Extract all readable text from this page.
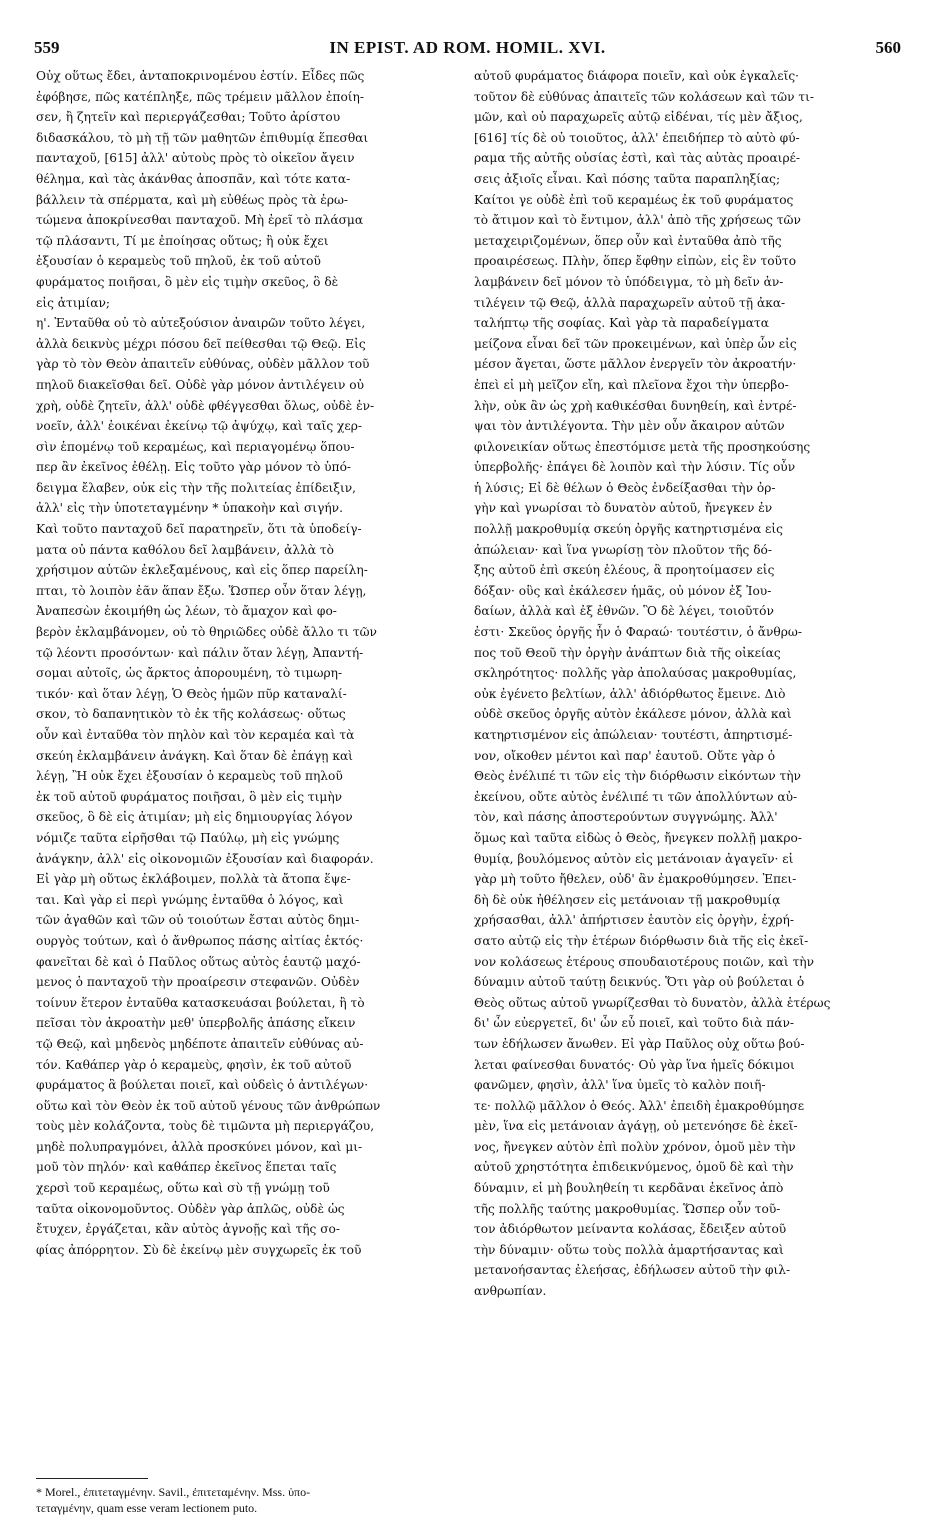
559	IN EPIST. AD ROM. HOMIL. XVI.	560
Οὐχ οὕτως ἔδει, ἀνταποκρινομένου ἐστίν. Εἶδες πῶς
ἐφόβησε, πῶς κατέπληξε, πῶς τρέμειν μᾶλλον ἐποίη-
σεν, ἢ ζητεῖν καὶ περιεργάζεσθαι; Τοῦτο ἀρίστου
διδασκάλου, τὸ μὴ τῇ τῶν μαθητῶν ἐπιθυμίᾳ ἕπεσθαι
πανταχοῦ, [615] ἀλλ' αὐτοὺς πρὸς τὸ οἰκεῖον ἄγειν
θέλημα, καὶ τὰς ἀκάνθας ἀποσπᾶν, καὶ τότε κατα-
βάλλειν τὰ σπέρματα, καὶ μὴ εὐθέως πρὸς τὰ ἐρω-
τώμενα ἀποκρίνεσθαι πανταχοῦ. Μὴ ἐρεῖ τὸ πλάσμα
τῷ πλάσαντι, Τί με ἐποίησας οὕτως; ἢ οὐκ ἔχει
ἐξουσίαν ὁ κεραμεὺς τοῦ πηλοῦ, ἐκ τοῦ αὐτοῦ
φυράματος ποιῆσαι, ὃ μὲν εἰς τιμὴν σκεῦος, ὃ δὲ
εἰς ἀτιμίαν;
η'. Ἐνταῦθα οὐ τὸ αὐτεξούσιον ἀναιρῶν τοῦτο λέγει,
ἀλλὰ δεικνὺς μέχρι πόσου δεῖ πείθεσθαι τῷ Θεῷ. Εἰς
γὰρ τὸ τὸν Θεὸν ἀπαιτεῖν εὐθύνας, οὐδὲν μᾶλλον τοῦ
πηλοῦ διακεῖσθαι δεῖ. Οὐδὲ γὰρ μόνον ἀντιλέγειν οὐ
χρὴ, οὐδὲ ζητεῖν, ἀλλ' οὐδὲ φθέγγεσθαι ὅλως, οὐδὲ ἐν-
νοεῖν, ἀλλ' ἐοικέναι ἐκείνῳ τῷ ἀψύχῳ, καὶ ταῖς χερ-
σὶν ἑπομένῳ τοῦ κεραμέως, καὶ περιαγομένῳ ὅπου-
περ ἂν ἐκεῖνος ἐθέλῃ. Εἰς τοῦτο γὰρ μόνον τὸ ὑπό-
δειγμα ἔλαβεν, οὐκ εἰς τὴν τῆς πολιτείας ἐπίδειξιν,
ἀλλ' εἰς τὴν ὑποτεταγμένην * ὑπακοὴν καὶ σιγήν.
Καὶ τοῦτο πανταχοῦ δεῖ παρατηρεῖν, ὅτι τὰ ὑποδείγ-
ματα οὐ πάντα καθόλου δεῖ λαμβάνειν, ἀλλὰ τὸ
χρήσιμον αὐτῶν ἐκλεξαμένους, καὶ εἰς ὅπερ παρείλη-
πται, τὸ λοιπὸν ἐᾶν ἅπαν ἔξω. Ὥσπερ οὖν ὅταν λέγῃ,
Ἀναπεσὼν ἐκοιμήθη ὡς λέων, τὸ ἄμαχον καὶ φο-
βερὸν ἐκλαμβάνομεν, οὐ τὸ θηριῶδες οὐδὲ ἄλλο τι τῶν
τῷ λέοντι προσόντων· καὶ πάλιν ὅταν λέγῃ, Ἀπαντή-
σομαι αὐτοῖς, ὡς ἄρκτος ἀπορουμένη, τὸ τιμωρη-
τικόν· καὶ ὅταν λέγῃ, Ὁ Θεὸς ἡμῶν πῦρ καταναλί-
σκον, τὸ δαπανητικὸν τὸ ἐκ τῆς κολάσεως· οὕτως
οὖν καὶ ἐνταῦθα τὸν πηλὸν καὶ τὸν κεραμέα καὶ τὰ
σκεύη ἐκλαμβάνειν ἀνάγκη. Καὶ ὅταν δὲ ἐπάγῃ καὶ
λέγῃ, Ἢ οὐκ ἔχει ἐξουσίαν ὁ κεραμεὺς τοῦ πηλοῦ
ἐκ τοῦ αὐτοῦ φυράματος ποιῆσαι, ὃ μὲν εἰς τιμὴν
σκεῦος, ὃ δὲ εἰς ἀτιμίαν; μὴ εἰς δημιουργίας λόγον
νόμιζε ταῦτα εἰρῆσθαι τῷ Παύλῳ, μὴ εἰς γνώμης
ἀνάγκην, ἀλλ' εἰς οἰκονομιῶν ἐξουσίαν καὶ διαφοράν.
Εἰ γὰρ μὴ οὕτως ἐκλάβοιμεν, πολλὰ τὰ ἄτοπα ἕψε-
ται. Καὶ γὰρ εἰ περὶ γνώμης ἐνταῦθα ὁ λόγος, καὶ
τῶν ἀγαθῶν καὶ τῶν οὐ τοιούτων ἔσται αὐτὸς δημι-
ουργὸς τούτων, καὶ ὁ ἄνθρωπος πάσης αἰτίας ἐκτός·
φανεῖται δὲ καὶ ὁ Παῦλος οὕτως αὐτὸς ἑαυτῷ μαχό-
μενος ὁ πανταχοῦ τὴν προαίρεσιν στεφανῶν. Οὐδὲν
τοίνυν ἕτερον ἐνταῦθα κατασκευάσαι βούλεται, ἢ τὸ
πεῖσαι τὸν ἀκροατὴν μεθ' ὑπερβολῆς ἁπάσης εἴκειν
τῷ Θεῷ, καὶ μηδενὸς μηδέποτε ἀπαιτεῖν εὐθύνας αὐ-
τόν. Καθάπερ γὰρ ὁ κεραμεὺς, φησὶν, ἐκ τοῦ αὐτοῦ
φυράματος ἃ βούλεται ποιεῖ, καὶ οὐδεὶς ὁ ἀντιλέγων·
οὕτω καὶ τὸν Θεὸν ἐκ τοῦ αὐτοῦ γένους τῶν ἀνθρώπων
τοὺς μὲν κολάζοντα, τοὺς δὲ τιμῶντα μὴ περιεργάζου,
μηδὲ πολυπραγμόνει, ἀλλὰ προσκύνει μόνον, καὶ μι-
μοῦ τὸν πηλόν· καὶ καθάπερ ἐκεῖνος ἕπεται ταῖς
χερσὶ τοῦ κεραμέως, οὕτω καὶ σὺ τῇ γνώμῃ τοῦ
ταῦτα οἰκονομοῦντος. Οὐδὲν γὰρ ἁπλῶς, οὐδὲ ὡς
ἔτυχεν, ἐργάζεται, κἂν αὐτὸς ἀγνοῇς καὶ τῆς σο-
φίας ἀπόρρητον. Σὺ δὲ ἐκείνῳ μὲν συγχωρεῖς ἐκ τοῦ
αὐτοῦ φυράματος διάφορα ποιεῖν, καὶ οὐκ ἐγκαλεῖς·
τοῦτον δὲ εὐθύνας ἀπαιτεῖς τῶν κολάσεων καὶ τῶν τι-
μῶν, καὶ οὐ παραχωρεῖς αὐτῷ εἰδέναι, τίς μὲν ἄξιος,
[616] τίς δὲ οὐ τοιοῦτος, ἀλλ' ἐπειδήπερ τὸ αὐτὸ φύ-
ραμα τῆς αὐτῆς οὐσίας ἐστὶ, καὶ τὰς αὐτὰς προαιρέ-
σεις ἀξιοῖς εἶναι. Καὶ πόσης ταῦτα παραπληξίας;
Καίτοι γε οὐδὲ ἐπὶ τοῦ κεραμέως ἐκ τοῦ φυράματος
τὸ ἄτιμον καὶ τὸ ἔντιμον, ἀλλ' ἀπὸ τῆς χρήσεως τῶν
μεταχειριζομένων, ὅπερ οὖν καὶ ἐνταῦθα ἀπὸ τῆς
προαιρέσεως. Πλὴν, ὅπερ ἔφθην εἰπὼν, εἰς ἓν τοῦτο
λαμβάνειν δεῖ μόνον τὸ ὑπόδειγμα, τὸ μὴ δεῖν ἀν-
τιλέγειν τῷ Θεῷ, ἀλλὰ παραχωρεῖν αὐτοῦ τῇ ἀκα-
ταλήπτῳ τῆς σοφίας. Καὶ γὰρ τὰ παραδείγματα
μείζονα εἶναι δεῖ τῶν προκειμένων, καὶ ὑπὲρ ὧν εἰς
μέσον ἄγεται, ὥστε μᾶλλον ἐνεργεῖν τὸν ἀκροατήν·
ἐπεὶ εἰ μὴ μεῖζον εἴη, καὶ πλεῖονα ἔχοι τὴν ὑπερβο-
λὴν, οὐκ ἂν ὡς χρὴ καθικέσθαι δυνηθείη, καὶ ἐντρέ-
ψαι τὸν ἀντιλέγοντα. Τὴν μὲν οὖν ἄκαιρον αὐτῶν
φιλονεικίαν οὕτως ἐπεστόμισε μετὰ τῆς προσηκούσης
ὑπερβολῆς· ἐπάγει δὲ λοιπὸν καὶ τὴν λύσιν. Τίς οὖν
ἡ λύσις; Εἰ δὲ θέλων ὁ Θεὸς ἐνδείξασθαι τὴν ὀρ-
γὴν καὶ γνωρίσαι τὸ δυνατὸν αὐτοῦ, ἤνεγκεν ἐν
πολλῇ μακροθυμίᾳ σκεύη ὀργῆς κατηρτισμένα εἰς
ἀπώλειαν· καὶ ἵνα γνωρίσῃ τὸν πλοῦτον τῆς δό-
ξης αὐτοῦ ἐπὶ σκεύη ἐλέους, ἃ προητοίμασεν εἰς
δόξαν· οὓς καὶ ἐκάλεσεν ἡμᾶς, οὐ μόνον ἐξ Ἰου-
δαίων, ἀλλὰ καὶ ἐξ ἐθνῶν. Ὃ δὲ λέγει, τοιοῦτόν
ἐστι· Σκεῦος ὀργῆς ἦν ὁ Φαραώ· τουτέστιν, ὁ ἄνθρω-
πος τοῦ Θεοῦ τὴν ὀργὴν ἀνάπτων διὰ τῆς οἰκείας
σκληρότητος· πολλῆς γὰρ ἀπολαύσας μακροθυμίας,
οὐκ ἐγένετο βελτίων, ἀλλ' ἀδιόρθωτος ἔμεινε. Διὸ
οὐδὲ σκεῦος ὀργῆς αὐτὸν ἐκάλεσε μόνον, ἀλλὰ καὶ
κατηρτισμένον εἰς ἀπώλειαν· τουτέστι, ἀπηρτισμέ-
νον, οἴκοθεν μέντοι καὶ παρ' ἑαυτοῦ. Οὔτε γὰρ ὁ
Θεὸς ἐνέλιπέ τι τῶν εἰς τὴν διόρθωσιν εἰκόντων τὴν
ἐκείνου, οὔτε αὐτὸς ἐνέλιπέ τι τῶν ἀπολλύντων αὐ-
τὸν, καὶ πάσης ἀποστερούντων συγγνώμης. Ἀλλ'
ὅμως καὶ ταῦτα εἰδὼς ὁ Θεὸς, ἤνεγκεν πολλῇ μακρο-
θυμίᾳ, βουλόμενος αὐτὸν εἰς μετάνοιαν ἀγαγεῖν· εἰ
γὰρ μὴ τοῦτο ἤθελεν, οὐδ' ἂν ἐμακροθύμησεν. Ἐπει-
δὴ δὲ οὐκ ἠθέλησεν εἰς μετάνοιαν τῇ μακροθυμίᾳ
χρήσασθαι, ἀλλ' ἀπήρτισεν ἑαυτὸν εἰς ὀργὴν, ἐχρή-
σατο αὐτῷ εἰς τὴν ἑτέρων διόρθωσιν διὰ τῆς εἰς ἐκεῖ-
νον κολάσεως ἑτέρους σπουδαιοτέρους ποιῶν, καὶ τὴν
δύναμιν αὐτοῦ ταύτῃ δεικνύς. Ὅτι γὰρ οὐ βούλεται ὁ
Θεὸς οὕτως αὐτοῦ γνωρίζεσθαι τὸ δυνατὸν, ἀλλὰ ἑτέρως
δι' ὧν εὐεργετεῖ, δι' ὧν εὖ ποιεῖ, καὶ τοῦτο διὰ πάν-
των ἐδήλωσεν ἄνωθεν. Εἰ γὰρ Παῦλος οὐχ οὕτω βού-
λεται φαίνεσθαι δυνατός· Οὐ γὰρ ἵνα ἡμεῖς δόκιμοι
φανῶμεν, φησὶν, ἀλλ' ἵνα ὑμεῖς τὸ καλὸν ποιῆ-
τε· πολλῷ μᾶλλον ὁ Θεός. Ἀλλ' ἐπειδὴ ἐμακροθύμησε
μὲν, ἵνα εἰς μετάνοιαν ἀγάγῃ, οὐ μετενόησε δὲ ἐκεῖ-
νος, ἤνεγκεν αὐτὸν ἐπὶ πολὺν χρόνον, ὁμοῦ μὲν τὴν
αὐτοῦ χρηστότητα ἐπιδεικνύμενος, ὁμοῦ δὲ καὶ τὴν
δύναμιν, εἰ μὴ βουληθείη τι κερδᾶναι ἐκεῖνος ἀπὸ
τῆς πολλῆς ταύτης μακροθυμίας. Ὥσπερ οὖν τοῦ-
τον ἀδιόρθωτον μείναντα κολάσας, ἔδειξεν αὐτοῦ
τὴν δύναμιν· οὕτω τοὺς πολλὰ ἁμαρτήσαντας καὶ
μετανοήσαντας ἐλεήσας, ἐδήλωσεν αὐτοῦ τὴν φιλ-
ανθρωπίαν.
* Morel., ἐπιτεταγμένην. Savil., ἐπιτεταμένην. Mss. ὑπο-
τεταγμένην, quam esse veram lectionem puto.
